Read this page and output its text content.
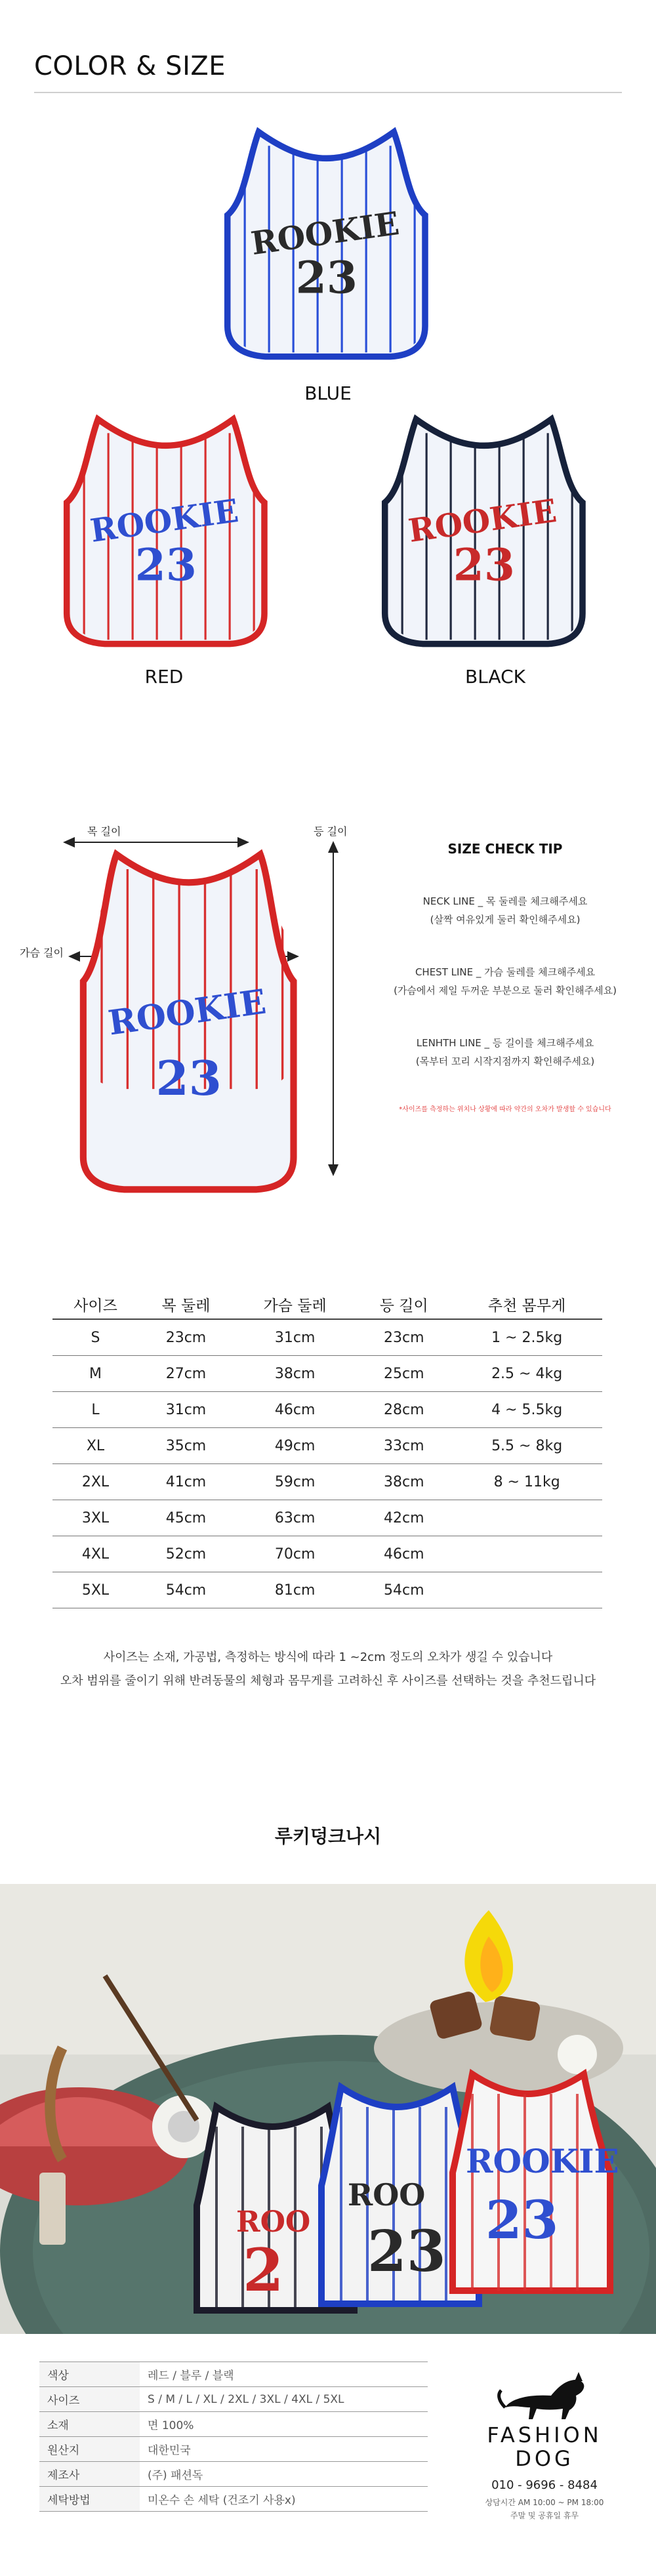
COLOR & SIZE
ROOKIE
23
BLUE
ROOKIE
23
RED
ROOKIE
23
BLACK
목 길이
가슴 길이
등 길이
ROOKIE
23
SIZE CHECK TIP
NECK LINE _ 목 둘레를 체크해주세요
(살짝 여유있게 둘러 확인해주세요)
CHEST LINE _ 가슴 둘레를 체크해주세요
(가슴에서 제일 두꺼운 부분으로 둘러 확인해주세요)
LENHTH LINE _ 등 길이를 체크해주세요
(목부터 꼬리 시작지점까지 확인해주세요)
*사이즈를 측정하는 위치나 상황에 따라 약간의 오차가 발생할 수 있습니다
사이즈	목 둘레	가슴 둘레	등 길이	추천 몸무게
S	23cm	31cm	23cm	1 ~ 2.5kg
M	27cm	38cm	25cm	2.5 ~ 4kg
L	31cm	46cm	28cm	4 ~ 5.5kg
XL	35cm	49cm	33cm	5.5 ~ 8kg
2XL	41cm	59cm	38cm	8 ~ 11kg
3XL	45cm	63cm	42cm	
4XL	52cm	70cm	46cm	
5XL	54cm	81cm	54cm	
사이즈는 소재, 가공법, 측정하는 방식에 따라 1 ~2cm 정도의 오차가 생길 수 있습니다
오차 범위를 줄이기 위해 반려동물의 체형과 몸무게를 고려하신 후 사이즈를 선택하는 것을 추천드립니다
루키덩크나시
ROO
2
ROO
23
ROOKIE
23
색상	레드 / 블루 / 블랙
사이즈	S / M / L / XL / 2XL / 3XL / 4XL / 5XL
소재	면 100%
원산지	대한민국
제조사	(주) 패션독
세탁방법	미온수 손 세탁 (건조기 사용x)
FASHION
DOG
010 - 9696 - 8484
상담시간 AM 10:00 ~ PM 18:00
주말 및 공휴일 휴무
